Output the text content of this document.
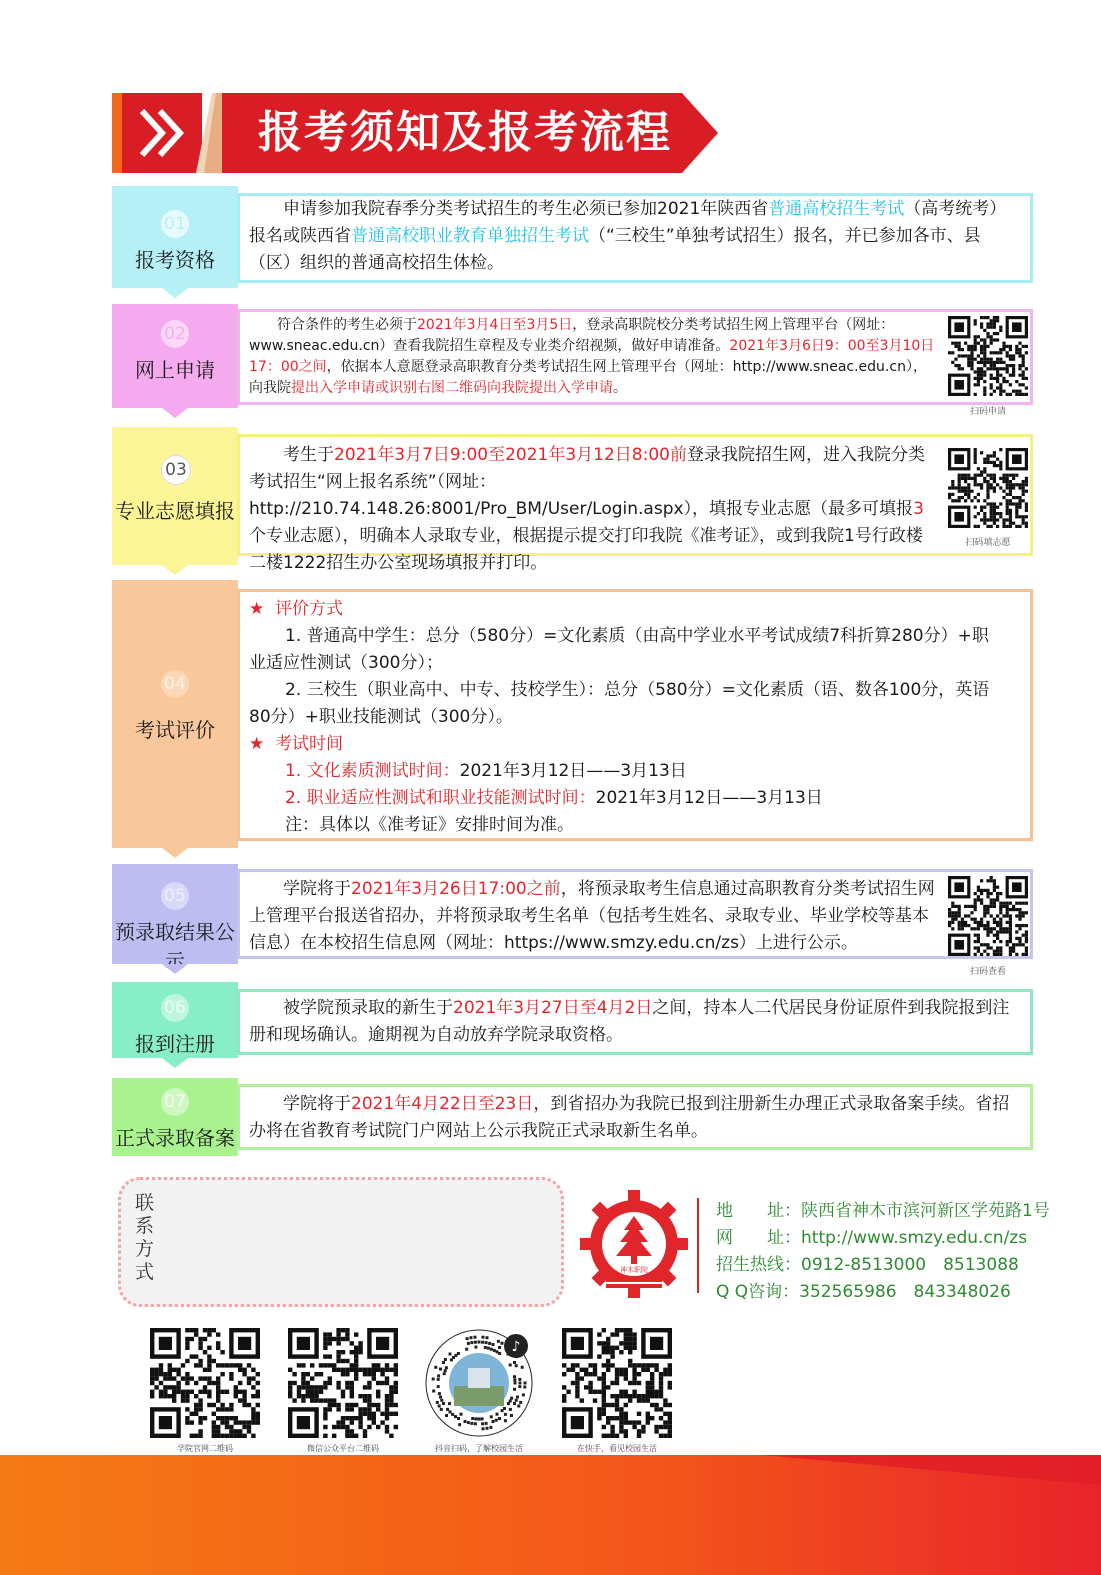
报考须知及报考流程
01
报考资格
申请参加我院春季分类考试招生的考生必须已参加2021年陕西省普通高校招生考试（高考统考）报名或陕西省普通高校职业教育单独招生考试（“三校生”单独考试招生）报名，并已参加各市、县（区）组织的普通高校招生体检。
02
网上申请
符合条件的考生必须于2021年3月4日至3月5日，登录高职院校分类考试招生网上管理平台（网址：www.sneac.edu.cn）查看我院招生章程及专业类介绍视频，做好申请准备。2021年3月6日9：00至3月10日17：00之间，依据本人意愿登录高职教育分类考试招生网上管理平台（网址：http://www.sneac.edu.cn），向我院提出入学申请或识别右图二维码向我院提出入学申请。
扫码申请
03
专业志愿填报
考生于2021年3月7日9:00至2021年3月12日8:00前登录我院招生网，进入我院分类考试招生“网上报名系统”（网址：http://210.74.148.26:8001/Pro_BM/User/Login.aspx），填报专业志愿（最多可填报3个专业志愿），明确本人录取专业，根据提示提交打印我院《准考证》，或到我院1号行政楼二楼1222招生办公室现场填报并打印。
扫码填志愿
04
考试评价
★ 评价方式
1. 普通高中学生：总分（580分）=文化素质（由高中学业水平考试成绩7科折算280分）+职
业适应性测试（300分）；
2. 三校生（职业高中、中专、技校学生）：总分（580分）=文化素质（语、数各100分，英语
80分）+职业技能测试（300分）。
★ 考试时间
1. 文化素质测试时间：2021年3月12日——3月13日
2. 职业适应性测试和职业技能测试时间：2021年3月12日——3月13日
注：具体以《准考证》安排时间为准。
05
预录取结果公示
学院将于2021年3月26日17:00之前，将预录取考生信息通过高职教育分类考试招生网上管理平台报送省招办，并将预录取考生名单（包括考生姓名、录取专业、毕业学校等基本信息）在本校招生信息网（网址：https://www.smzy.edu.cn/zs）上进行公示。
扫码查看
06
报到注册
被学院预录取的新生于2021年3月27日至4月2日之间，持本人二代居民身份证原件到我院报到注册和现场确认。逾期视为自动放弃学院录取资格。
07
正式录取备案
学院将于2021年4月22日至23日，到省招办为我院已报到注册新生办理正式录取备案手续。省招办将在省教育考试院门户网站上公示我院正式录取新生名单。
联系方式	神木职院
地　　址：陕西省神木市滨河新区学苑路1号
网　　址：http://www.smzy.edu.cn/zs
招生热线：0912-8513000　8513088
Q Q咨询：352565986　843348026
学院官网二维码	微信公众平台二维码
♪
抖音扫码，了解校园生活	在快手，看见校园生活
